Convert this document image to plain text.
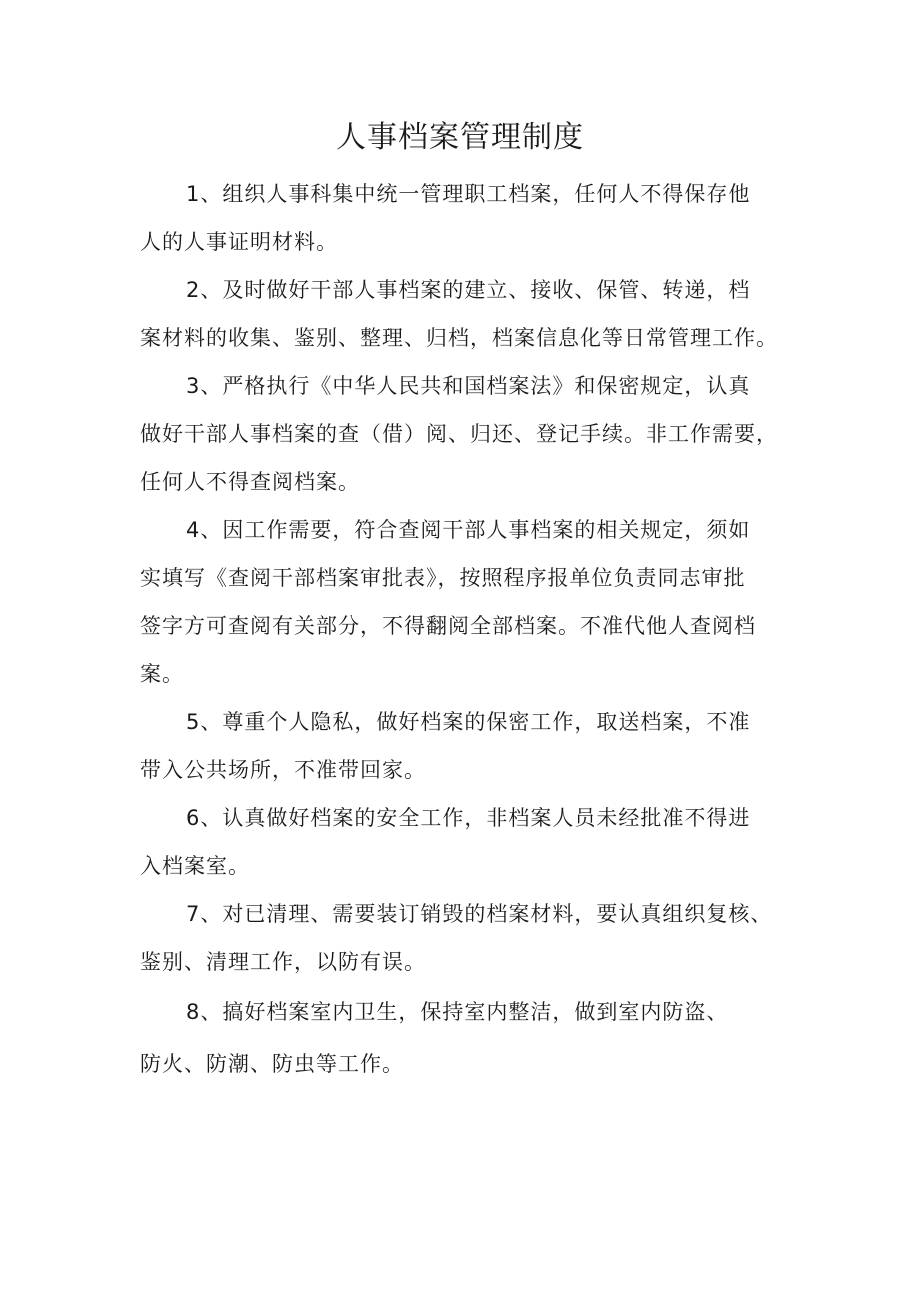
人事档案管理制度

1、组织人事科集中统一管理职工档案，任何人不得保存他
人的人事证明材料。

2、及时做好干部人事档案的建立、接收、保管、转递，档
案材料的收集、鉴别、整理、归档，档案信息化等日常管理工作。

3、严格执行《中华人民共和国档案法》和保密规定，认真
做好干部人事档案的查（借）阅、归还、登记手续。非工作需要，
任何人不得查阅档案。

4、因工作需要，符合查阅干部人事档案的相关规定，须如
实填写《查阅干部档案审批表》，按照程序报单位负责同志审批
签字方可查阅有关部分，不得翻阅全部档案。不准代他人查阅档
案。

5、尊重个人隐私，做好档案的保密工作，取送档案，不准
带入公共场所，不准带回家。

6、认真做好档案的安全工作，非档案人员未经批准不得进
入档案室。

7、对已清理、需要装订销毁的档案材料，要认真组织复核、
鉴别、清理工作，以防有误。

8、搞好档案室内卫生，保持室内整洁，做到室内防盗、
防火、防潮、防虫等工作。
